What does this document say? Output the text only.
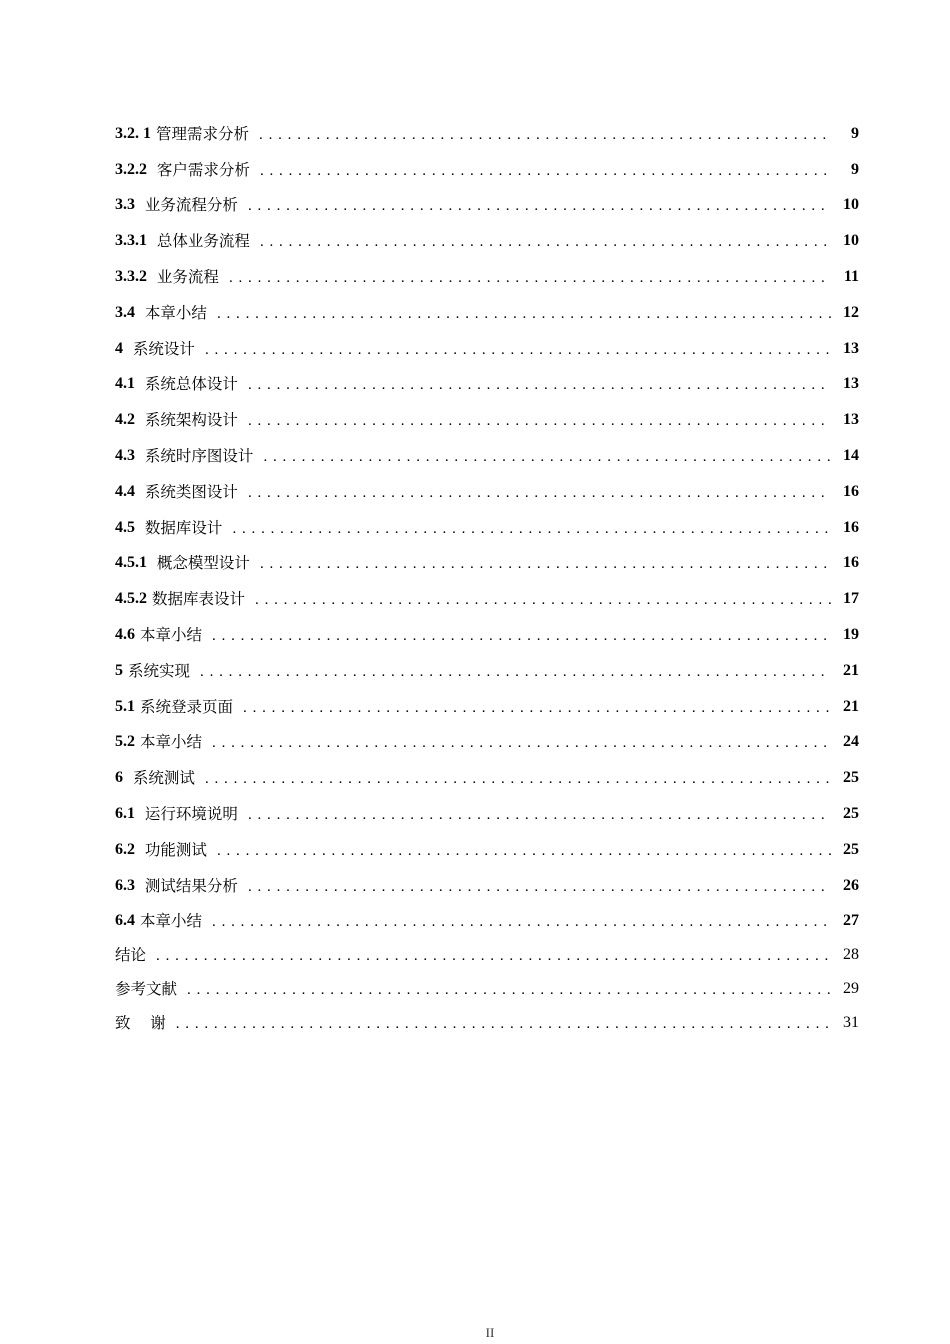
3.2. 1 管理需求分析 .....	9
3.2.2 客户需求分析 .....	9
3.3 业务流程分析 .....	10
3.3.1 总体业务流程 .....	10
3.3.2 业务流程 .....	11
3.4 本章小结 .....	12
4 系统设计 .....	13
4.1 系统总体设计 .....	13
4.2 系统架构设计 .....	13
4.3 系统时序图设计 .....	14
4.4 系统类图设计 .....	16
4.5 数据库设计 .....	16
4.5.1 概念模型设计 .....	16
4.5.2 数据库表设计 .....	17
4.6 本章小结 .....	19
5 系统实现 .....	21
5.1 系统登录页面 .....	21
5.2 本章小结 .....	24
6 系统测试 .....	25
6.1 运行环境说明 .....	25
6.2 功能测试 .....	25
6.3 测试结果分析 .....	26
6.4 本章小结 .....	27
结论 .....	28
参考文献 .....	29
致    谢 .....	31
II
